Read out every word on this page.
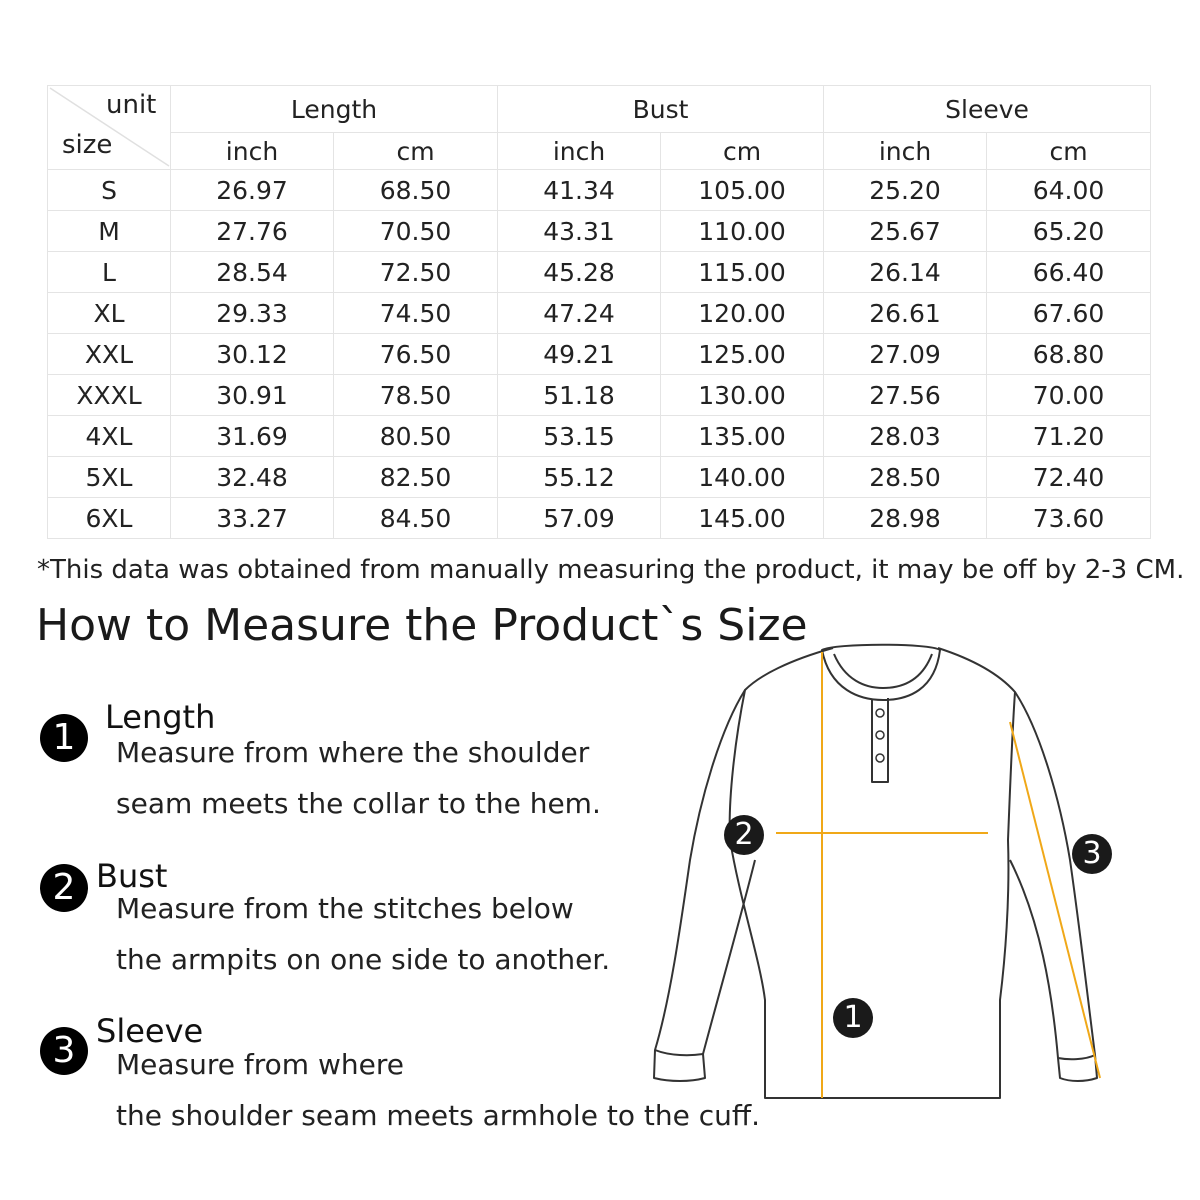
unit
size	Length		Bust		Sleeve	
	inch	cm	inch	cm	inch	cm
S	26.97	68.50	41.34	105.00	25.20	64.00
M	27.76	70.50	43.31	110.00	25.67	65.20
L	28.54	72.50	45.28	115.00	26.14	66.40
XL	29.33	74.50	47.24	120.00	26.61	67.60
XXL	30.12	76.50	49.21	125.00	27.09	68.80
XXXL	30.91	78.50	51.18	130.00	27.56	70.00
4XL	31.69	80.50	53.15	135.00	28.03	71.20
5XL	32.48	82.50	55.12	140.00	28.50	72.40
6XL	33.27	84.50	57.09	145.00	28.98	73.60
*This data was obtained from manually measuring the product, it may be off by 2-3 CM.
How to Measure the Product`s Size
1 Length
Measure from where the shoulder
seam meets the collar to the hem.
2 Bust
Measure from the stitches below
the armpits on one side to another.
3 Sleeve
Measure from where
the shoulder seam meets armhole to the cuff.
2
3
1
